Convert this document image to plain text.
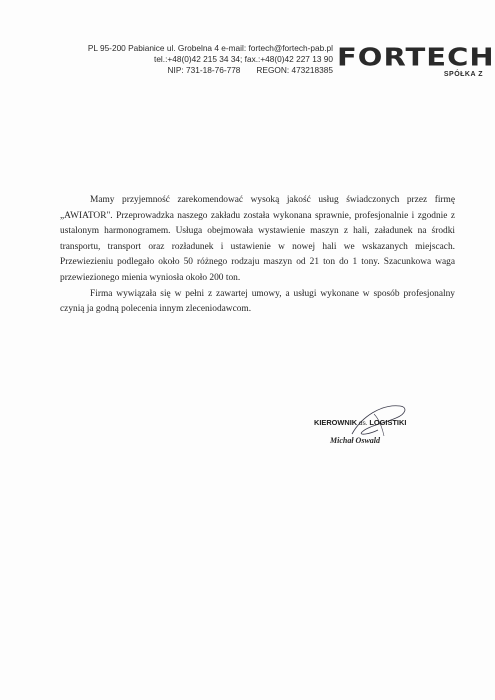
PL 95-200 Pabianice ul. Grobelna 4 e-mail: fortech@fortech-pab.pl
tel.:+48(0)42 215 34 34; fax.:+48(0)42 227 13 90
NIP: 731-18-76-778 REGON: 473218385 FORTECH
SPÓŁKA Z

Mamy przyjemność zarekomendować wysoką jakość usług świadczonych przez firmę „AWIATOR". Przeprowadzka naszego zakładu została wykonana sprawnie, profesjonalnie i zgodnie z ustalonym harmonogramem. Usługa obejmowała wystawienie maszyn z hali, załadunek na środki transportu, transport oraz rozładunek i ustawienie w nowej hali we wskazanych miejscach. Przewiezieniu podlegało około 50 różnego rodzaju maszyn od 21 ton do 1 tony. Szacunkowa waga przewiezionego mienia wyniosła około 200 ton.

Firma wywiązała się w pełni z zawartej umowy, a usługi wykonane w sposób profesjonalny czynią ja godną polecenia innym zleceniodawcom.

KIEROWNIK ds. LOGISTIKI
Michał Oswald
